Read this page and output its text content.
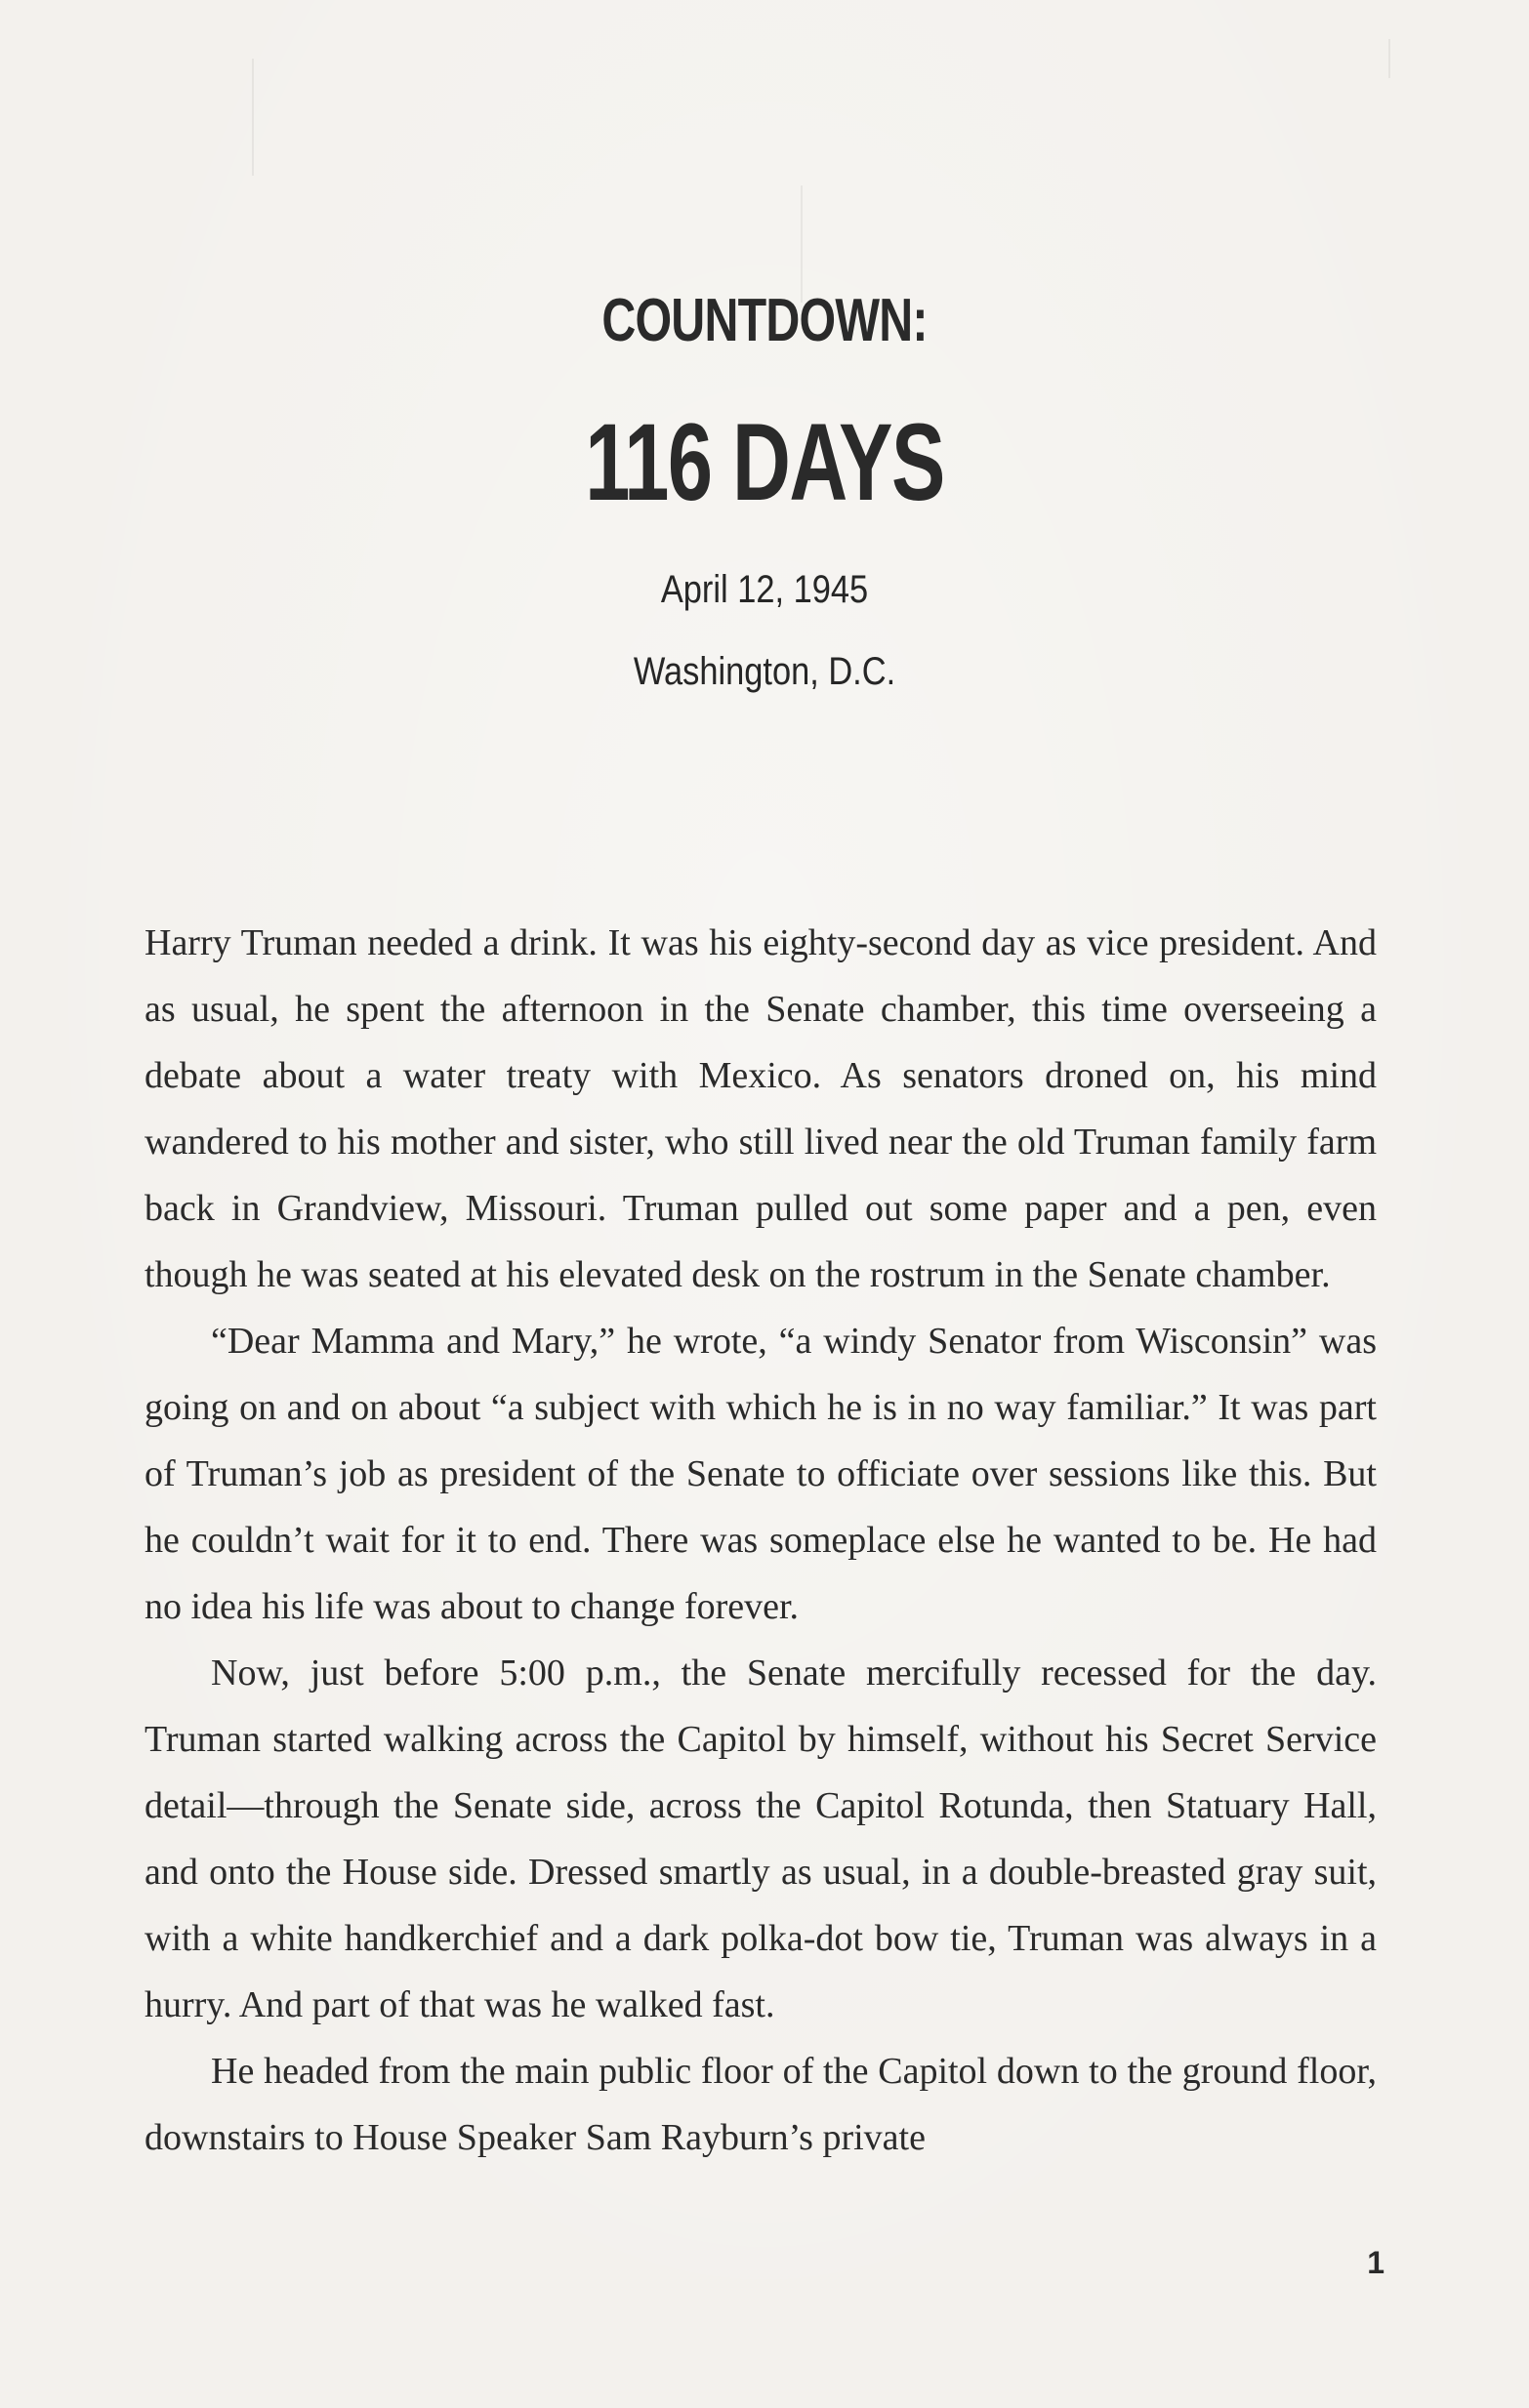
COUNTDOWN:
116 DAYS
April 12, 1945
Washington, D.C.

Harry Truman needed a drink. It was his eighty-second day as vice president. And as usual, he spent the afternoon in the Senate chamber, this time overseeing a debate about a water treaty with Mexico. As senators droned on, his mind wandered to his mother and sister, who still lived near the old Truman family farm back in Grandview, Missouri. Truman pulled out some paper and a pen, even though he was seated at his elevated desk on the rostrum in the Senate chamber.

“Dear Mamma and Mary,” he wrote, “a windy Senator from Wisconsin” was going on and on about “a subject with which he is in no way familiar.” It was part of Truman’s job as president of the Senate to officiate over sessions like this. But he couldn’t wait for it to end. There was someplace else he wanted to be. He had no idea his life was about to change forever.

Now, just before 5:00 p.m., the Senate mercifully recessed for the day. Truman started walking across the Capitol by himself, without his Secret Service detail—through the Senate side, across the Capitol Rotunda, then Statuary Hall, and onto the House side. Dressed smartly as usual, in a double-breasted gray suit, with a white handkerchief and a dark polka-dot bow tie, Truman was always in a hurry. And part of that was he walked fast.

He headed from the main public floor of the Capitol down to the ground floor, downstairs to House Speaker Sam Rayburn’s private

1
